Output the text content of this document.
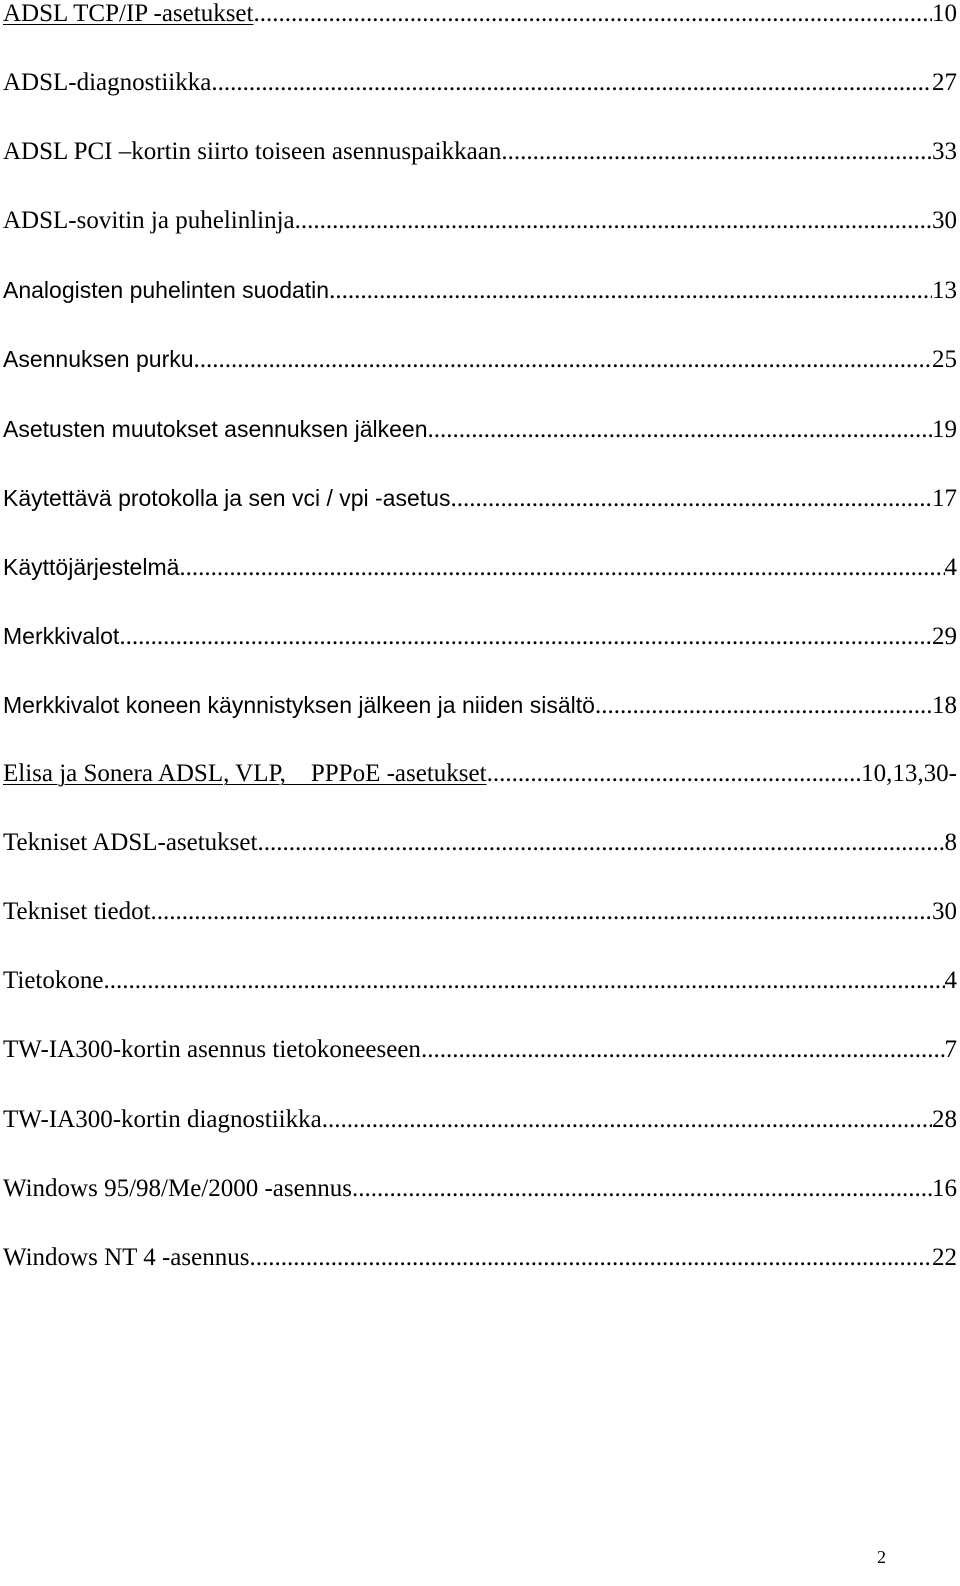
ADSL TCP/IP -asetukset .....	10
ADSL-diagnostiikka .....	27
ADSL PCI –kortin siirto toiseen asennuspaikkaan .....	33
ADSL-sovitin ja puhelinlinja .....	30
Analogisten puhelinten suodatin .....	13
Asennuksen purku .....	25
Asetusten muutokset asennuksen jälkeen .....	19
Käytettävä protokolla ja sen vci / vpi -asetus .....	17
Käyttöjärjestelmä .....	4
Merkkivalot .....	29
Merkkivalot koneen käynnistyksen jälkeen ja niiden sisältö .....	18
Elisa ja Sonera ADSL, VLP,    PPPoE -asetukset .....	10,13,30-
Tekniset ADSL-asetukset .....	8
Tekniset tiedot .....	30
Tietokone .....	4
TW-IA300-kortin asennus tietokoneeseen .....	7
TW-IA300-kortin diagnostiikka .....	28
Windows 95/98/Me/2000 -asennus .....	16
Windows NT 4 -asennus .....	22
2
